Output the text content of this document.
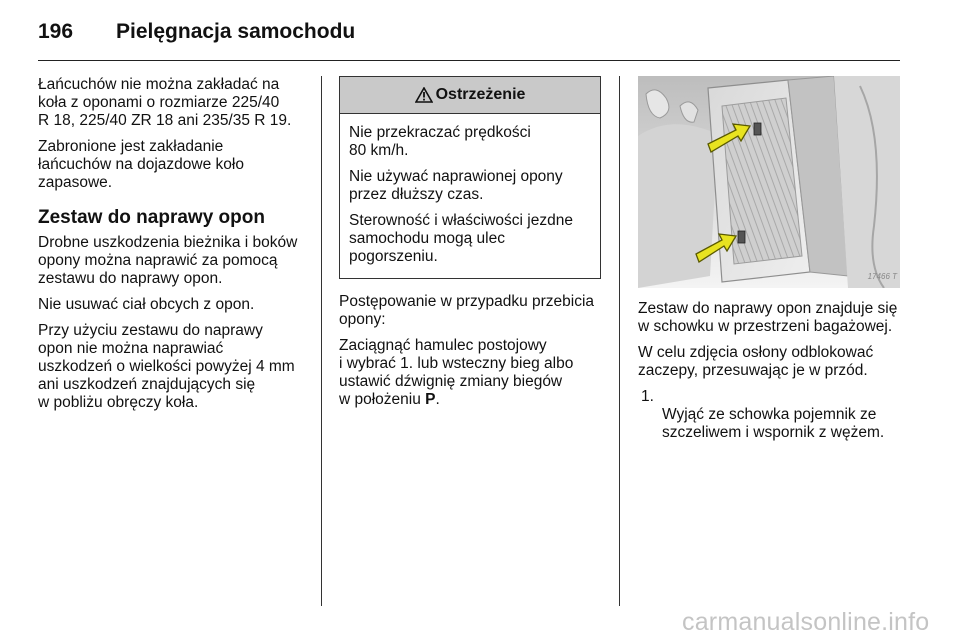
196 Pielęgnacja samochodu

Łańcuchów nie można zakładać na
koła z oponami o rozmiarze 225/40
R 18, 225/40 ZR 18 ani 235/35 R 19.

Zabronione jest zakładanie
łańcuchów na dojazdowe koło
zapasowe.

Zestaw do naprawy opon

Drobne uszkodzenia bieżnika i boków
opony można naprawić za pomocą
zestawu do naprawy opon.

Nie usuwać ciał obcych z opon.

Przy użyciu zestawu do naprawy
opon nie można naprawiać
uszkodzeń o wielkości powyżej 4 mm
ani uszkodzeń znajdujących się
w pobliżu obręczy koła.

Ostrzeżenie

Nie przekraczać prędkości
80 km/h.

Nie używać naprawionej opony
przez dłuższy czas.

Sterowność i właściwości jezdne
samochodu mogą ulec
pogorszeniu.

Postępowanie w przypadku przebicia
opony:

Zaciągnąć hamulec postojowy
i wybrać 1. lub wsteczny bieg albo
ustawić dźwignię zmiany biegów
w położeniu P.

17466 T

Zestaw do naprawy opon znajduje się
w schowku w przestrzeni bagażowej.

W celu zdjęcia osłony odblokować
zaczepy, przesuwając je w przód.

1.
Wyjąć ze schowka pojemnik ze
szczeliwem i wspornik z wężem.

carmanualsonline.info
